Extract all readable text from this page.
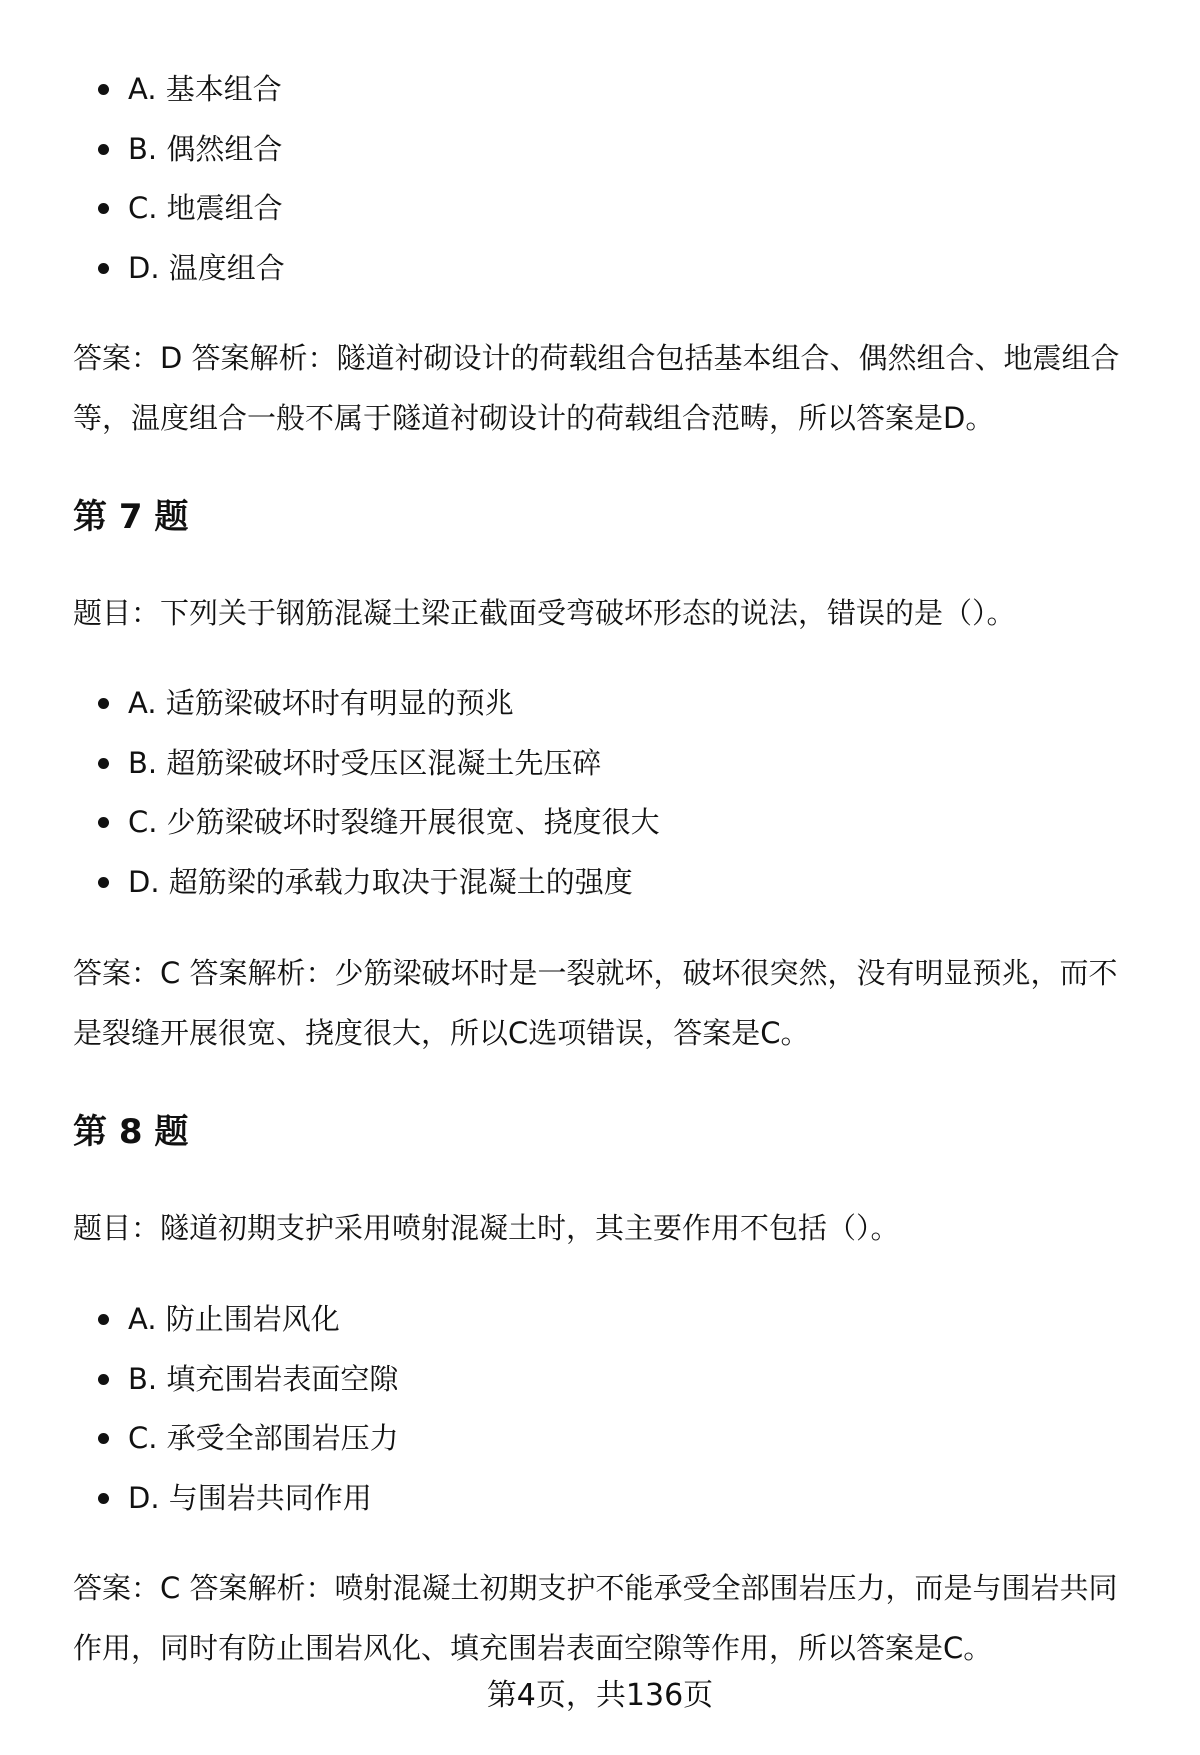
A. 基本组合
B. 偶然组合
C. 地震组合
D. 温度组合

答案：D 答案解析：隧道衬砌设计的荷载组合包括基本组合、偶然组合、地震组合等，温度组合一般不属于隧道衬砌设计的荷载组合范畴，所以答案是D。

第 7 题

题目：下列关于钢筋混凝土梁正截面受弯破坏形态的说法，错误的是（）。

A. 适筋梁破坏时有明显的预兆
B. 超筋梁破坏时受压区混凝土先压碎
C. 少筋梁破坏时裂缝开展很宽、挠度很大
D. 超筋梁的承载力取决于混凝土的强度

答案：C 答案解析：少筋梁破坏时是一裂就坏，破坏很突然，没有明显预兆，而不是裂缝开展很宽、挠度很大，所以C选项错误，答案是C。

第 8 题

题目：隧道初期支护采用喷射混凝土时，其主要作用不包括（）。

A. 防止围岩风化
B. 填充围岩表面空隙
C. 承受全部围岩压力
D. 与围岩共同作用

答案：C 答案解析：喷射混凝土初期支护不能承受全部围岩压力，而是与围岩共同作用，同时有防止围岩风化、填充围岩表面空隙等作用，所以答案是C。

第4页，共136页
